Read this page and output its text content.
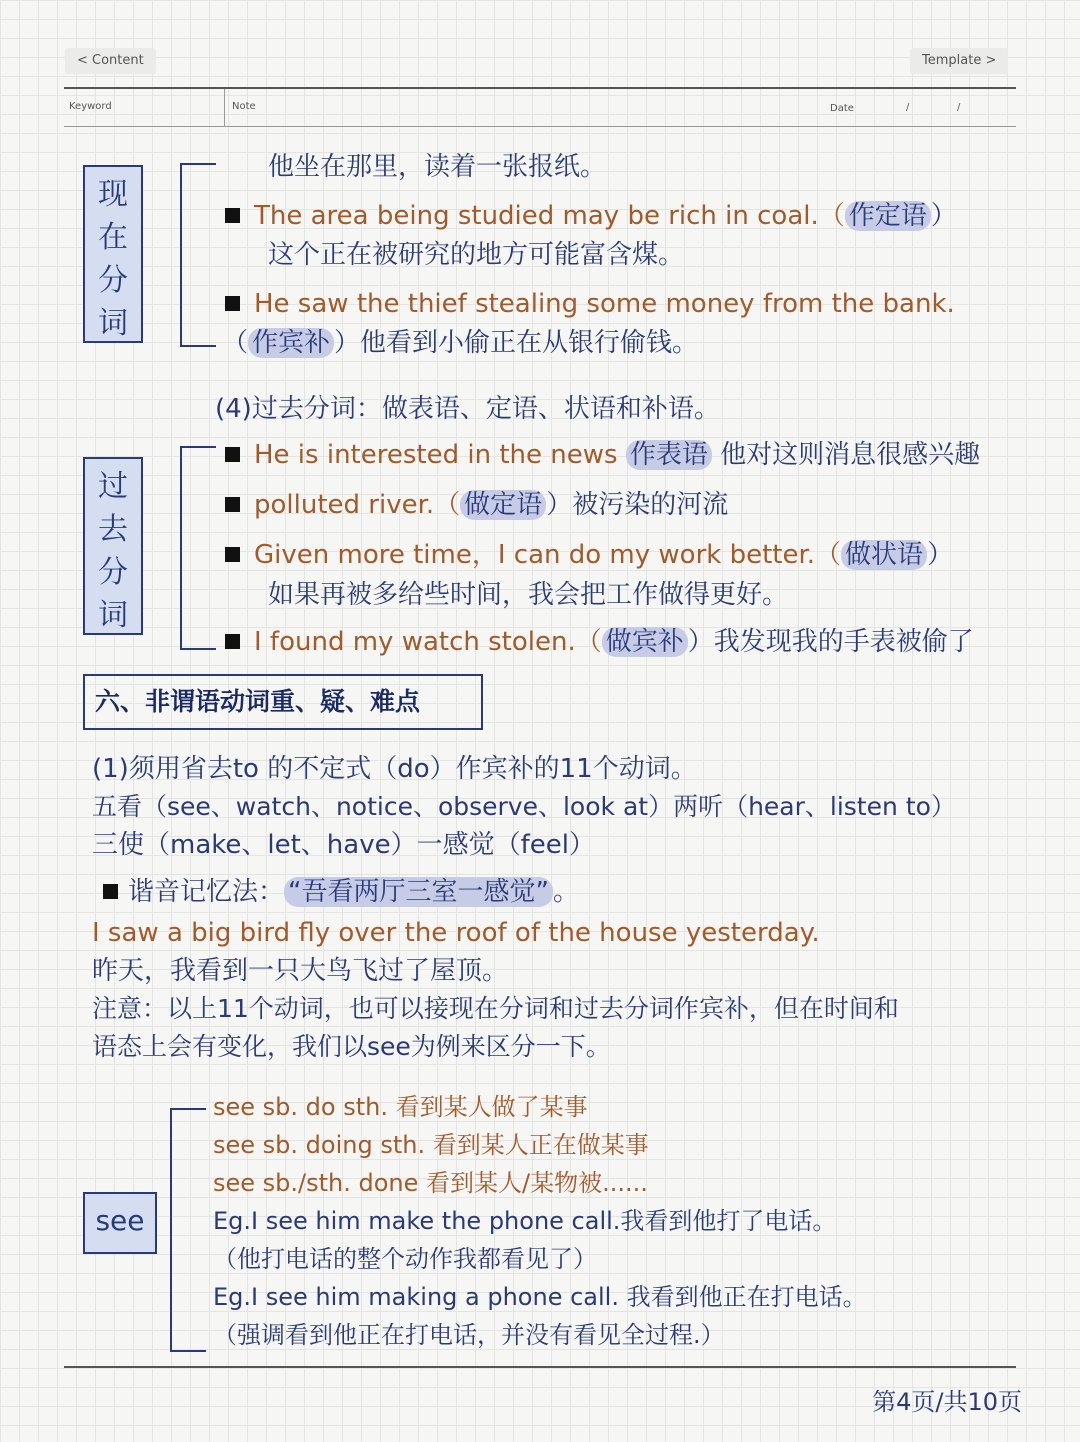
< Content	Template >
Keyword	Note	Date	/	/
现
在
分
词
他坐在那里，读着一张报纸。
The area being studied may be rich in coal.（ 作定语 ）
这个正在被研究的地方可能富含煤。
He saw the thief stealing some money from the bank.
（ 作宾补 ）他看到小偷正在从银行偷钱。
(4)过去分词：做表语、定语、状语和补语。
过
去
分
词
He is interested in the news 作表语 他对这则消息很感兴趣
polluted river.（ 做定语 ）被污染的河流
Given more time，I can do my work better.（ 做状语 ）
如果再被多给些时间，我会把工作做得更好。
I found my watch stolen.（ 做宾补 ）我发现我的手表被偷了
六、非谓语动词重、疑、难点
(1)须用省去to 的不定式（do）作宾补的11个动词。
五看（see、watch、notice、observe、look at）两听（hear、listen to）
三使（make、let、have）一感觉（feel）
谐音记忆法： “吾看两厅三室一感觉” 。
I saw a big bird fly over the roof of the house yesterday.
昨天，我看到一只大鸟飞过了屋顶。
注意：以上11个动词，也可以接现在分词和过去分词作宾补，但在时间和
语态上会有变化，我们以see为例来区分一下。
see
see sb. do sth. 看到某人做了某事
see sb. doing sth. 看到某人正在做某事
see sb./sth. done 看到某人/某物被......
Eg.I see him make the phone call.我看到他打了电话。
（他打电话的整个动作我都看见了）
Eg.I see him making a phone call. 我看到他正在打电话。
（强调看到他正在打电话，并没有看见全过程.）
第4页/共10页
